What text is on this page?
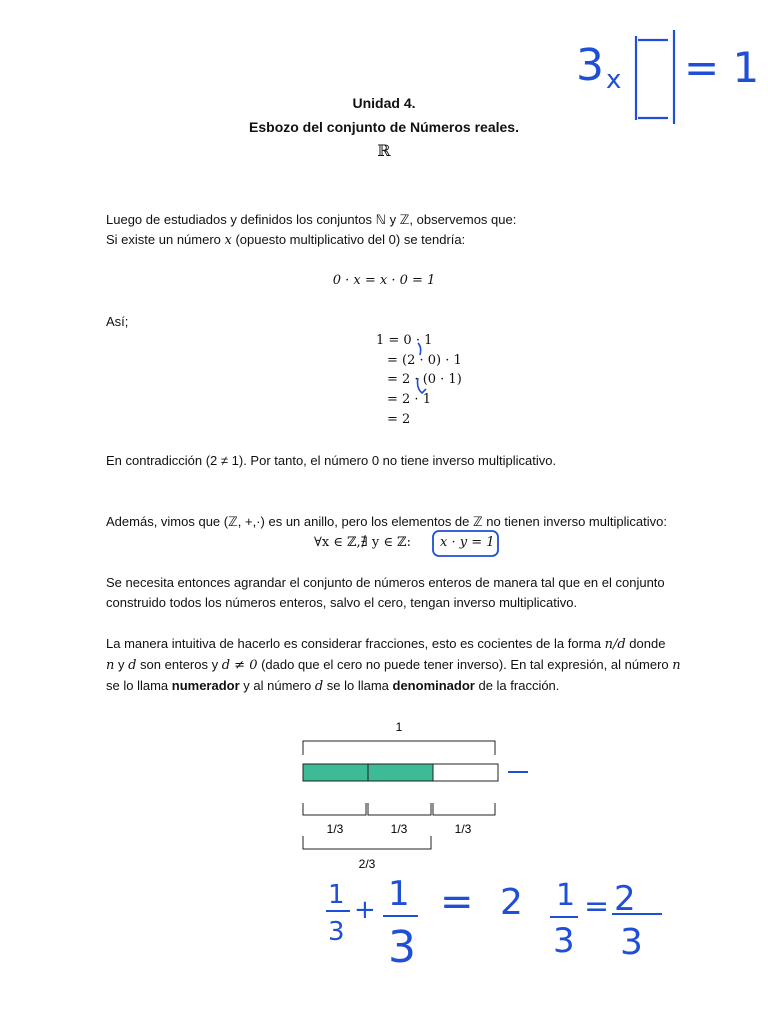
Unidad 4.
Esbozo del conjunto de Números reales.
ℝ
Luego de estudiados y definidos los conjuntos ℕ y ℤ, observemos que:
Si existe un número x (opuesto multiplicativo del 0) se tendría:
0 · x = x · 0 = 1
Así;
1 = 0 · 1
= (2 · 0) · 1
= 2 · (0 · 1)
= 2 · 1
= 2
En contradicción (2 ≠ 1). Por tanto, el número 0 no tiene inverso multiplicativo.
Además, vimos que (ℤ, +,·) es un anillo, pero los elementos de ℤ no tienen inverso multiplicativo:
∀x ∈ ℤ,∄ y ∈ ℤ: x · y = 1
Se necesita entonces agrandar el conjunto de números enteros de manera tal que en el conjunto
construido todos los números enteros, salvo el cero, tengan inverso multiplicativo.
La manera intuitiva de hacerlo es considerar fracciones, esto es cocientes de la forma n/d donde
n y d son enteros y d ≠ 0 (dado que el cero no puede tener inverso). En tal expresión, al número n
se lo llama numerador y al número d se lo llama denominador de la fracción.
1
1/3	1/3	1/3
2/3
3 x = 1
1
3
+ 1
3
= 2 1
3
= 2
3
